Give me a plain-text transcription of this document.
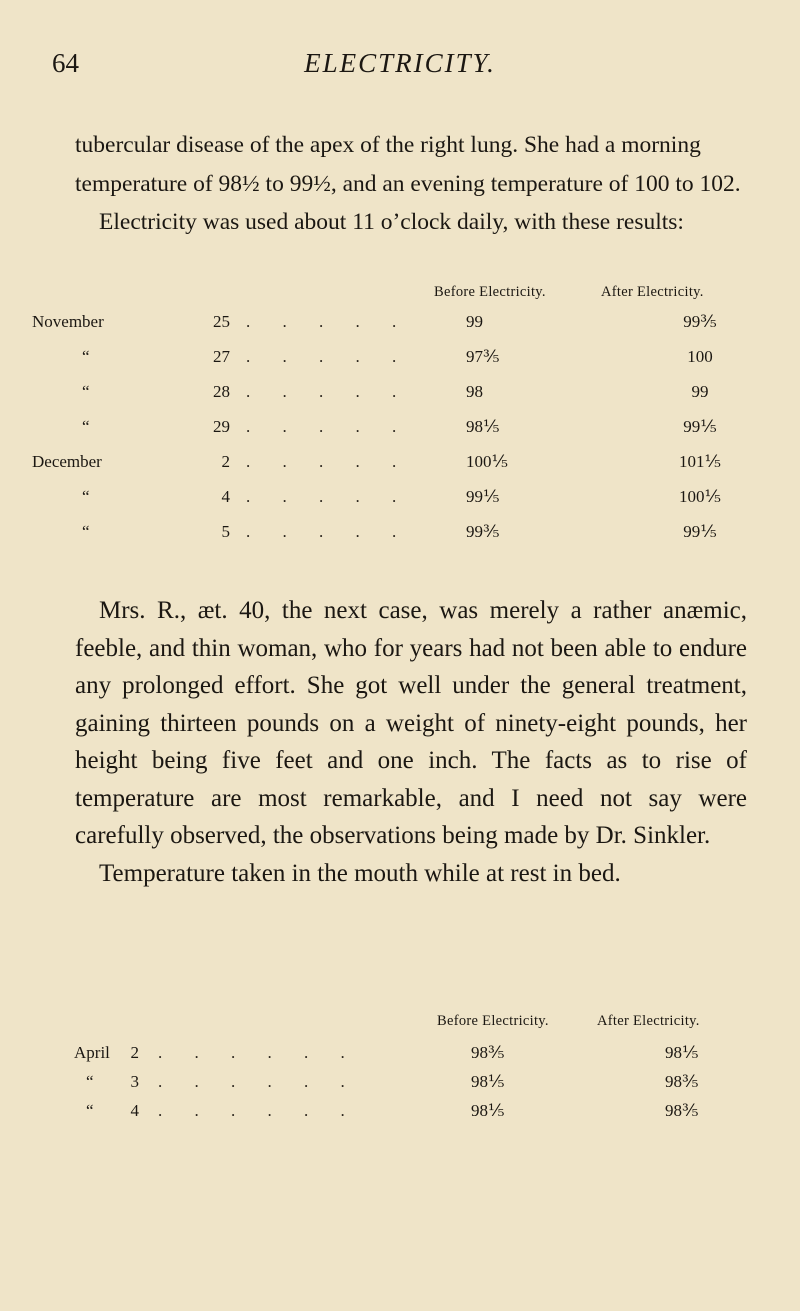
64	ELECTRICITY.

tubercular disease of the apex of the right lung. She had a morning temperature of 98½ to 99½, and an evening temperature of 100 to 102.

Electricity was used about 11 o’clock daily, with these results:

Before Electricity.	After Electricity.
November	25 . . . . .	99	99⅗
“	27 . . . . .	97⅗	100
“	28 . . . . .	98	99
“	29 . . . . .	98⅕	99⅕
December	2 . . . . .	100⅕	101⅕
“	4 . . . . .	99⅕	100⅕
“	5 . . . . .	99⅗	99⅕

Mrs. R., æt. 40, the next case, was merely a rather anæmic, feeble, and thin woman, who for years had not been able to endure any prolonged effort. She got well under the general treatment, gaining thirteen pounds on a weight of ninety-eight pounds, her height being five feet and one inch. The facts as to rise of temperature are most remarkable, and I need not say were carefully observed, the observations being made by Dr. Sinkler.

Temperature taken in the mouth while at rest in bed.

Before Electricity.	After Electricity.
April	2 . . . . . .	98⅗	98⅕
“	3 . . . . . .	98⅕	98⅗
“	4 . . . . . .	98⅕	98⅗
